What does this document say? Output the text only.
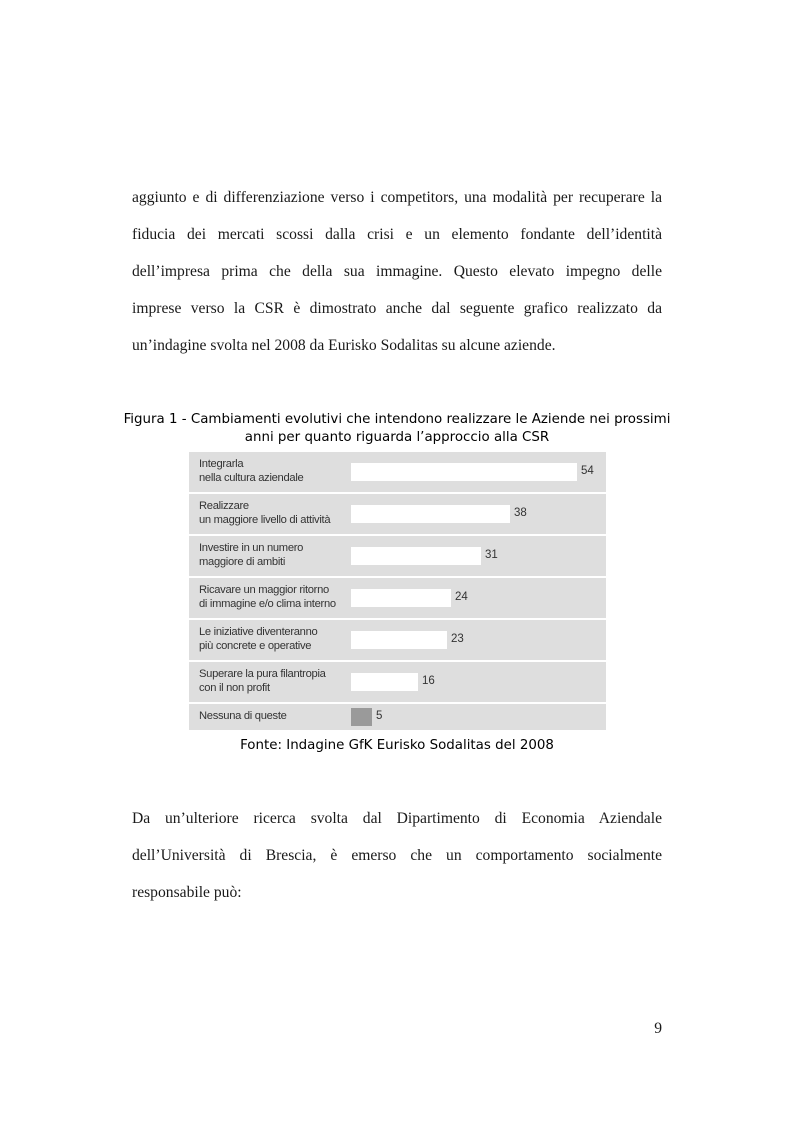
aggiunto e di differenziazione verso i competitors, una modalità per recuperare la
fiducia dei mercati scossi dalla crisi e un elemento fondante dell’identità
dell’impresa prima che della sua immagine. Questo elevato impegno delle
imprese verso la CSR è dimostrato anche dal seguente grafico realizzato da
un’indagine svolta nel 2008 da Eurisko Sodalitas su alcune aziende.
Figura 1 - Cambiamenti evolutivi che intendono realizzare le Aziende nei prossimi
anni per quanto riguarda l’approccio alla CSR
Integrarla
nella cultura aziendale
54
Realizzare
un maggiore livello di attività
38
Investire in un numero
maggiore di ambiti
31
Ricavare un maggior ritorno
di immagine e/o clima interno
24
Le iniziative diventeranno
più concrete e operative
23
Superare la pura filantropia
con il non profit
16
Nessuna di queste	5
Fonte: Indagine GfK Eurisko Sodalitas del 2008
Da un’ulteriore ricerca svolta dal Dipartimento di Economia Aziendale
dell’Università di Brescia, è emerso che un comportamento socialmente
responsabile può:
9
